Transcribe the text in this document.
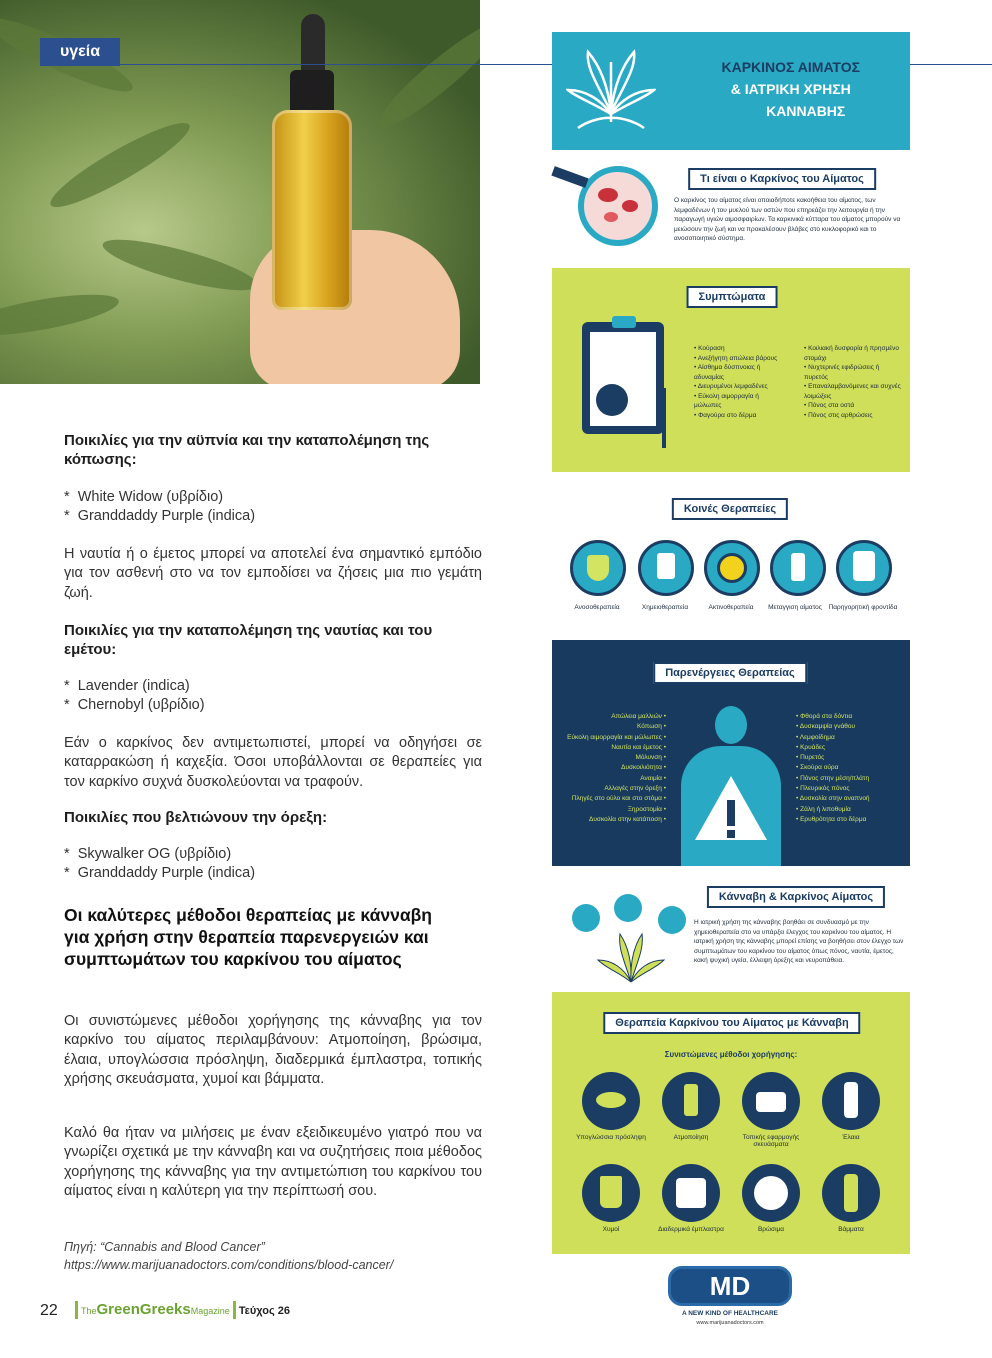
υγεία

Ποικιλίες για την αϋπνία και την καταπολέμηση της κόπωσης:

*  White Widow (υβρίδιο)
*  Granddaddy Purple (indica)

Η ναυτία ή ο έμετος μπορεί να αποτελεί ένα σημαντικό εμπόδιο για τον ασθενή στο να τον εμποδίσει να ζήσεις μια πιο γεμάτη ζωή.

Ποικιλίες για την καταπολέμηση της ναυτίας και του εμέτου:

*  Lavender (indica)
*  Chernobyl (υβρίδιο)

Εάν ο καρκίνος δεν αντιμετωπιστεί, μπορεί να οδηγήσει σε καταρρακώση ή καχεξία. Όσοι υποβάλλονται σε θεραπείες για τον καρκίνο συχνά δυσκολεύονται να τραφούν.

Ποικιλίες που βελτιώνουν την όρεξη:

*  Skywalker OG (υβρίδιο)
*  Granddaddy Purple (indica)
Οι καλύτερες μέθοδοι θεραπείας με κάνναβη για χρήση στην θεραπεία παρενεργειών και συμπτωμάτων του καρκίνου του αίματος

Οι συνιστώμενες μέθοδοι χορήγησης της κάνναβης για τον καρκίνο του αίματος περιλαμβάνουν: Ατμοποίηση, βρώσιμα, έλαια, υπογλώσσια πρόσληψη, διαδερμικά έμπλαστρα, τοπικής χρήσης σκευάσματα, χυμοί και βάμματα.

Καλό θα ήταν να μιλήσεις με έναν εξειδικευμένο γιατρό που να γνωρίζει σχετικά με την κάνναβη και να συζητήσεις ποια μέθοδος χορήγησης της κάνναβης για την αντιμετώπιση του καρκίνου του αίματος είναι η καλύτερη για την περίπτωσή σου.

Πηγή: “Cannabis and Blood Cancer” https://www.marijuanadoctors.com/conditions/blood-cancer/
22	TheGreenGreeksMagazine Τεύχος 26
ΚΑΡΚΙΝΟΣ ΑΙΜΑΤΟΣ
& ΙΑΤΡΙΚΗ ΧΡΗΣΗ
ΚΑΝΝΑΒΗΣ
Τι είναι ο Καρκίνος του Αίματος
Ο καρκίνος του αίματος είναι οποιαδήποτε κακοήθεια του αίματος, των λεμφαδένων ή του μυελού των οστών που επηρεάζει την λειτουργία ή την παραγωγή υγιών αιμοσφαιρίων. Τα καρκινικά κύτταρα του αίματος μπορούν να μειώσουν την ζωή και να προκαλέσουν βλάβες στο κυκλοφορικό και το ανοσοποιητικό σύστημα.
Συμπτώματα
• Κούραση
• Ανεξήγητη απώλεια βάρους
• Αίσθημα δύσπνοιας ή αδυναμίας
• Διευρυμένοι λεμφαδένες
• Εύκολη αιμορραγία ή μώλωπες
• Φαγούρα στο δέρμα
• Κοιλιακή δυσφορία ή πρησμένο στομάχι
• Νυχτερινές εφιδρώσεις ή πυρετός
• Επαναλαμβανόμενες και συχνές λοιμώξεις
• Πόνος στα οστά
• Πόνος στις αρθρώσεις
Κοινές Θεραπείες
Ανοσοθεραπεία	Χημειοθεραπεία	Ακτινοθεραπεία	Μεταγγιση αίματος	Παρηγορητική φροντίδα
Παρενέργειες Θεραπείας
Απώλεια μαλλιών •
Κόπωση •
Εύκολη αιμορραγία και μώλωπες •
Ναυτία και έμετος •
Μόλυνση •
Δυσκοιλιότητα •
Αναιμία •
Αλλαγές στην όρεξη •
Πληγές στο ούλο και στο στόμα •
Ξηροστομία •
Δυσκολία στην κατάποση •
• Φθορά στα δόντια
• Δυσκαμψία γνάθου
• Λεμφοίδημα
• Κρυάδες
• Πυρετός
• Σκούρα ούρα
• Πόνος στην μέση/πλάτη
• Πλευρικός πόνος
• Δυσκολία στην αναπνοή
• Ζάλη ή λιποθυμία
• Ερυθρότητα στο δέρμα
Κάνναβη & Καρκίνος Αίματος
Η ιατρική χρήση της κάνναβης βοηθάει σε συνδυασμό με την χημειοθεραπεία στο να υπάρξει έλεγχος του καρκίνου του αίματος. Η ιατρική χρήση της κάνναβης μπορεί επίσης να βοηθήσει στον έλεγχο των συμπτωμάτων του καρκίνου του αίματος όπως πόνος, ναυτία, έμετος, κακή ψυχική υγεία, έλλειψη όρεξης και νευροπάθεια.
Θεραπεία Καρκίνου του Αίματος με Κάνναβη
Συνιστώμενες μέθοδοι χορήγησης:
Υπογλώσσια πρόσληψη	Ατμοποίηση	Τοπικής εφαρμογής σκευάσματα
Έλαια
Χυμοί	Διαδερμικά έμπλαστρα	Βρώσιμα	Βάμματα
MD
A NEW KIND OF HEALTHCARE
www.marijuanadoctors.com
